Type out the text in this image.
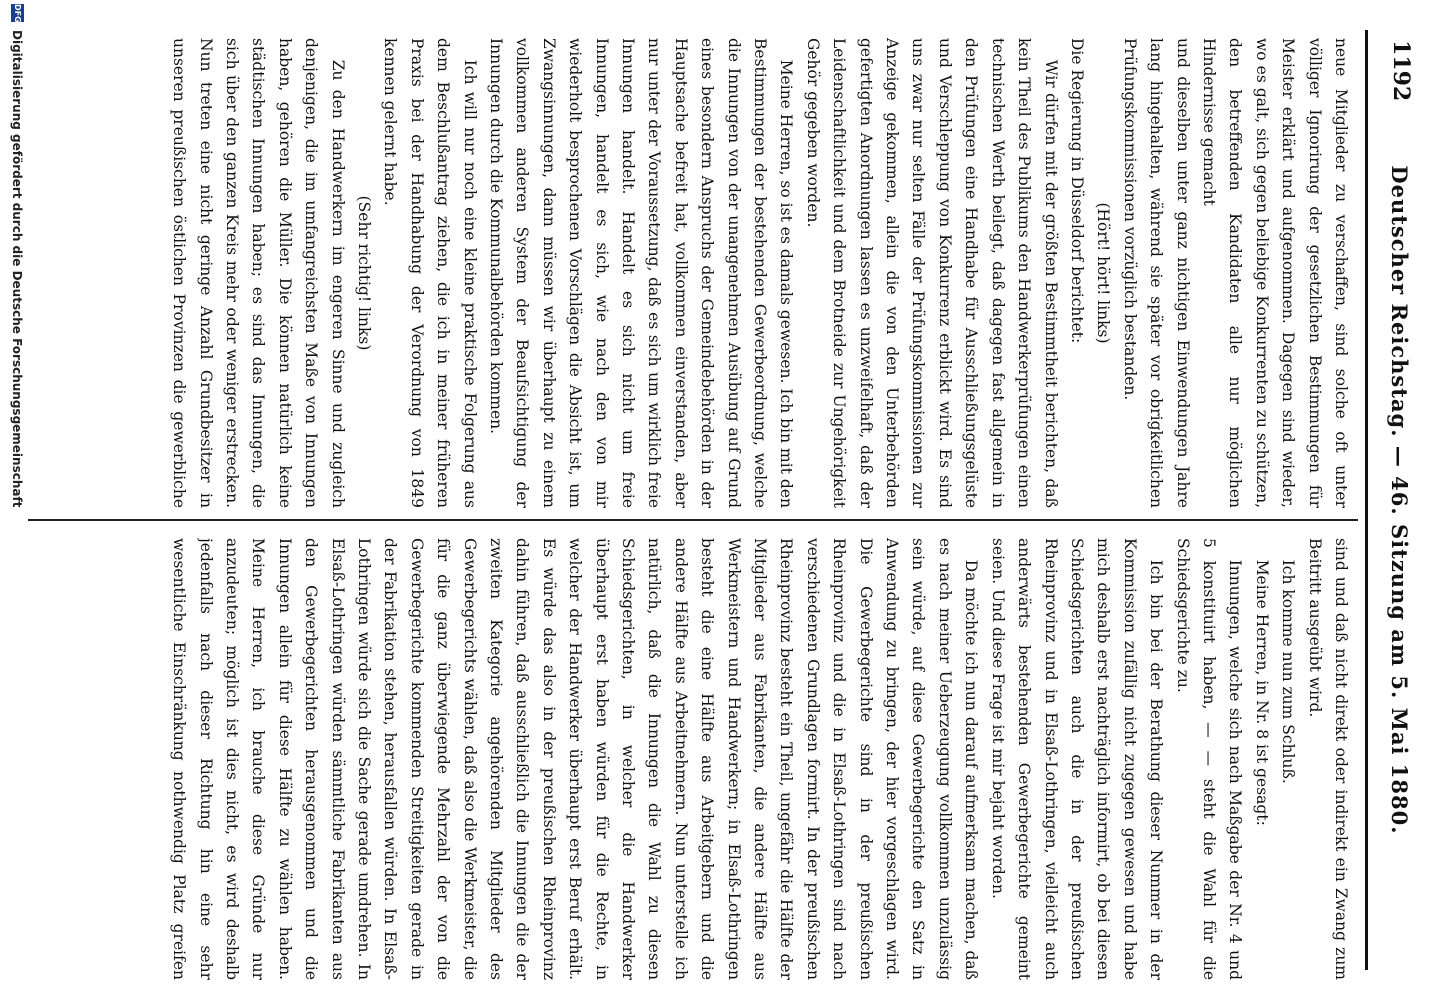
1192
Deutscher Reichstag. — 46. Sitzung am 5. Mai 1880.

neue Mitglieder zu verschaffen, sind solche oft unter völliger Ignorirung der gesetzlichen Bestimmungen für Meister erklärt und aufgenommen. Dagegen sind wieder, wo es galt, sich gegen beliebige Konkurrenten zu schützen, den betreffenden Kandidaten alle nur möglichen Hindernisse gemacht

und dieselben unter ganz nichtigen Einwendungen Jahre lang hingehalten, während sie später vor obrigkeitlichen Prüfungskommissionen vorzüglich bestanden.

(Hört! hört! links)

Die Regierung in Düsseldorf berichtet:

Wir dürfen mit der größten Bestimmtheit berichten, daß kein Theil des Publikums den Handwerkerprüfungen einen technischen Werth beilegt, daß dagegen fast allgemein in den Prüfungen eine Handhabe für Ausschließungsgelüste und Verschleppung von Konkurrenz erblickt wird. Es sind uns zwar nur selten Fälle der Prüfungskommissionen zur Anzeige gekommen, allein die von den Unterbehörden gefertigten Anordnungen lassen es unzweifelhaft, daß der Leidenschaftlichkeit und dem Brotneide zur Ungehörigkeit Gehör gegeben worden.

Meine Herren, so ist es damals gewesen. Ich bin mit den Bestimmungen der bestehenden Gewerbeordnung, welche die Innungen von der unangenehmen Ausübung auf Grund eines besondern Anspruchs der Gemeindebehörden in der Hauptsache befreit hat, vollkommen einverstanden, aber nur unter der Voraussetzung, daß es sich um wirklich freie Innungen handelt. Handelt es sich nicht um freie Innungen, handelt es sich, wie nach den von mir wiederholt besprochenen Vorschlägen die Absicht ist, um Zwangsinnungen, dann müssen wir überhaupt zu einem vollkommen anderen System der Beaufsichtigung der Innungen durch die Kommunalbehörden kommen.

Ich will nur noch eine kleine praktische Folgerung aus dem Beschlußantrag ziehen, die ich in meiner früheren Praxis bei der Handhabung der Verordnung von 1849 kennen gelernt habe.

(Sehr richtig! links)

Zu den Handwerkern im engeren Sinne und zugleich denjenigen, die im umfangreichsten Maße von Innungen haben, gehören die Müller. Die können natürlich keine städtischen Innungen haben; es sind das Innungen, die sich über den ganzen Kreis mehr oder weniger erstrecken. Nun treten eine nicht geringe Anzahl Grundbesitzer in unseren preußischen östlichen Provinzen die gewerbliche

sind und daß nicht direkt oder indirekt ein Zwang zum Beitritt ausgeübt wird.

Ich komme nun zum Schluß.

Meine Herren, in Nr. 8 ist gesagt:

Innungen, welche sich nach Maßgabe der Nr. 4 und 5 konstituirt haben, — — steht die Wahl für die Schiedsgerichte zu.

Ich bin bei der Berathung dieser Nummer in der Kommission zufällig nicht zugegen gewesen und habe mich deshalb erst nachträglich informirt, ob bei diesen Schiedsgerichten auch die in der preußischen Rheinprovinz und in Elsaß-Lothringen, vielleicht auch anderwärts bestehenden Gewerbegerichte gemeint seien. Und diese Frage ist mir bejaht worden.

Da möchte ich nun darauf aufmerksam machen, daß es nach meiner Ueberzeugung vollkommen unzulässig sein würde, auf diese Gewerbegerichte den Satz in Anwendung zu bringen, der hier vorgeschlagen wird. Die Gewerbegerichte sind in der preußischen Rheinprovinz und die in Elsaß-Lothringen sind nach verschiedenen Grundlagen formirt. In der preußischen Rheinprovinz besteht ein Theil, ungefähr die Hälfte der Mitglieder aus Fabrikanten, die andere Hälfte aus Werkmeistern und Handwerkern; in Elsaß-Lothringen besteht die eine Hälfte aus Arbeitgebern und die andere Hälfte aus Arbeitnehmern. Nun unterstelle ich natürlich, daß die Innungen die Wahl zu diesen Schiedsgerichten, in welcher die Handwerker überhaupt erst haben würden für die Rechte, in welcher der Handwerker überhaupt erst Beruf erhält. Es würde das also in der preußischen Rheinprovinz dahin führen, daß ausschließlich die Innungen die der zweiten Kategorie angehörenden Mitglieder des Gewerbegerichts wählen, daß also die Werkmeister, die für die ganz überwiegende Mehrzahl der von die Gewerbegerichte kommenden Streitigkeiten gerade in der Fabrikation stehen, herausfallen würden. In Elsaß-Lothringen würde sich die Sache gerade umdrehen. In Elsaß-Lothringen würden sämmtliche Fabrikanten aus den Gewerbegerichten herausgenommen und die Innungen allein für diese Hälfte zu wählen haben. Meine Herren, ich brauche diese Gründe nur anzudeuten; möglich ist dies nicht, es wird deshalb jedenfalls nach dieser Richtung hin eine sehr wesentliche Einschränkung nothwendig Platz greifen

DFG
Digitalisierung gefördert durch die Deutsche Forschungsgemeinschaft
